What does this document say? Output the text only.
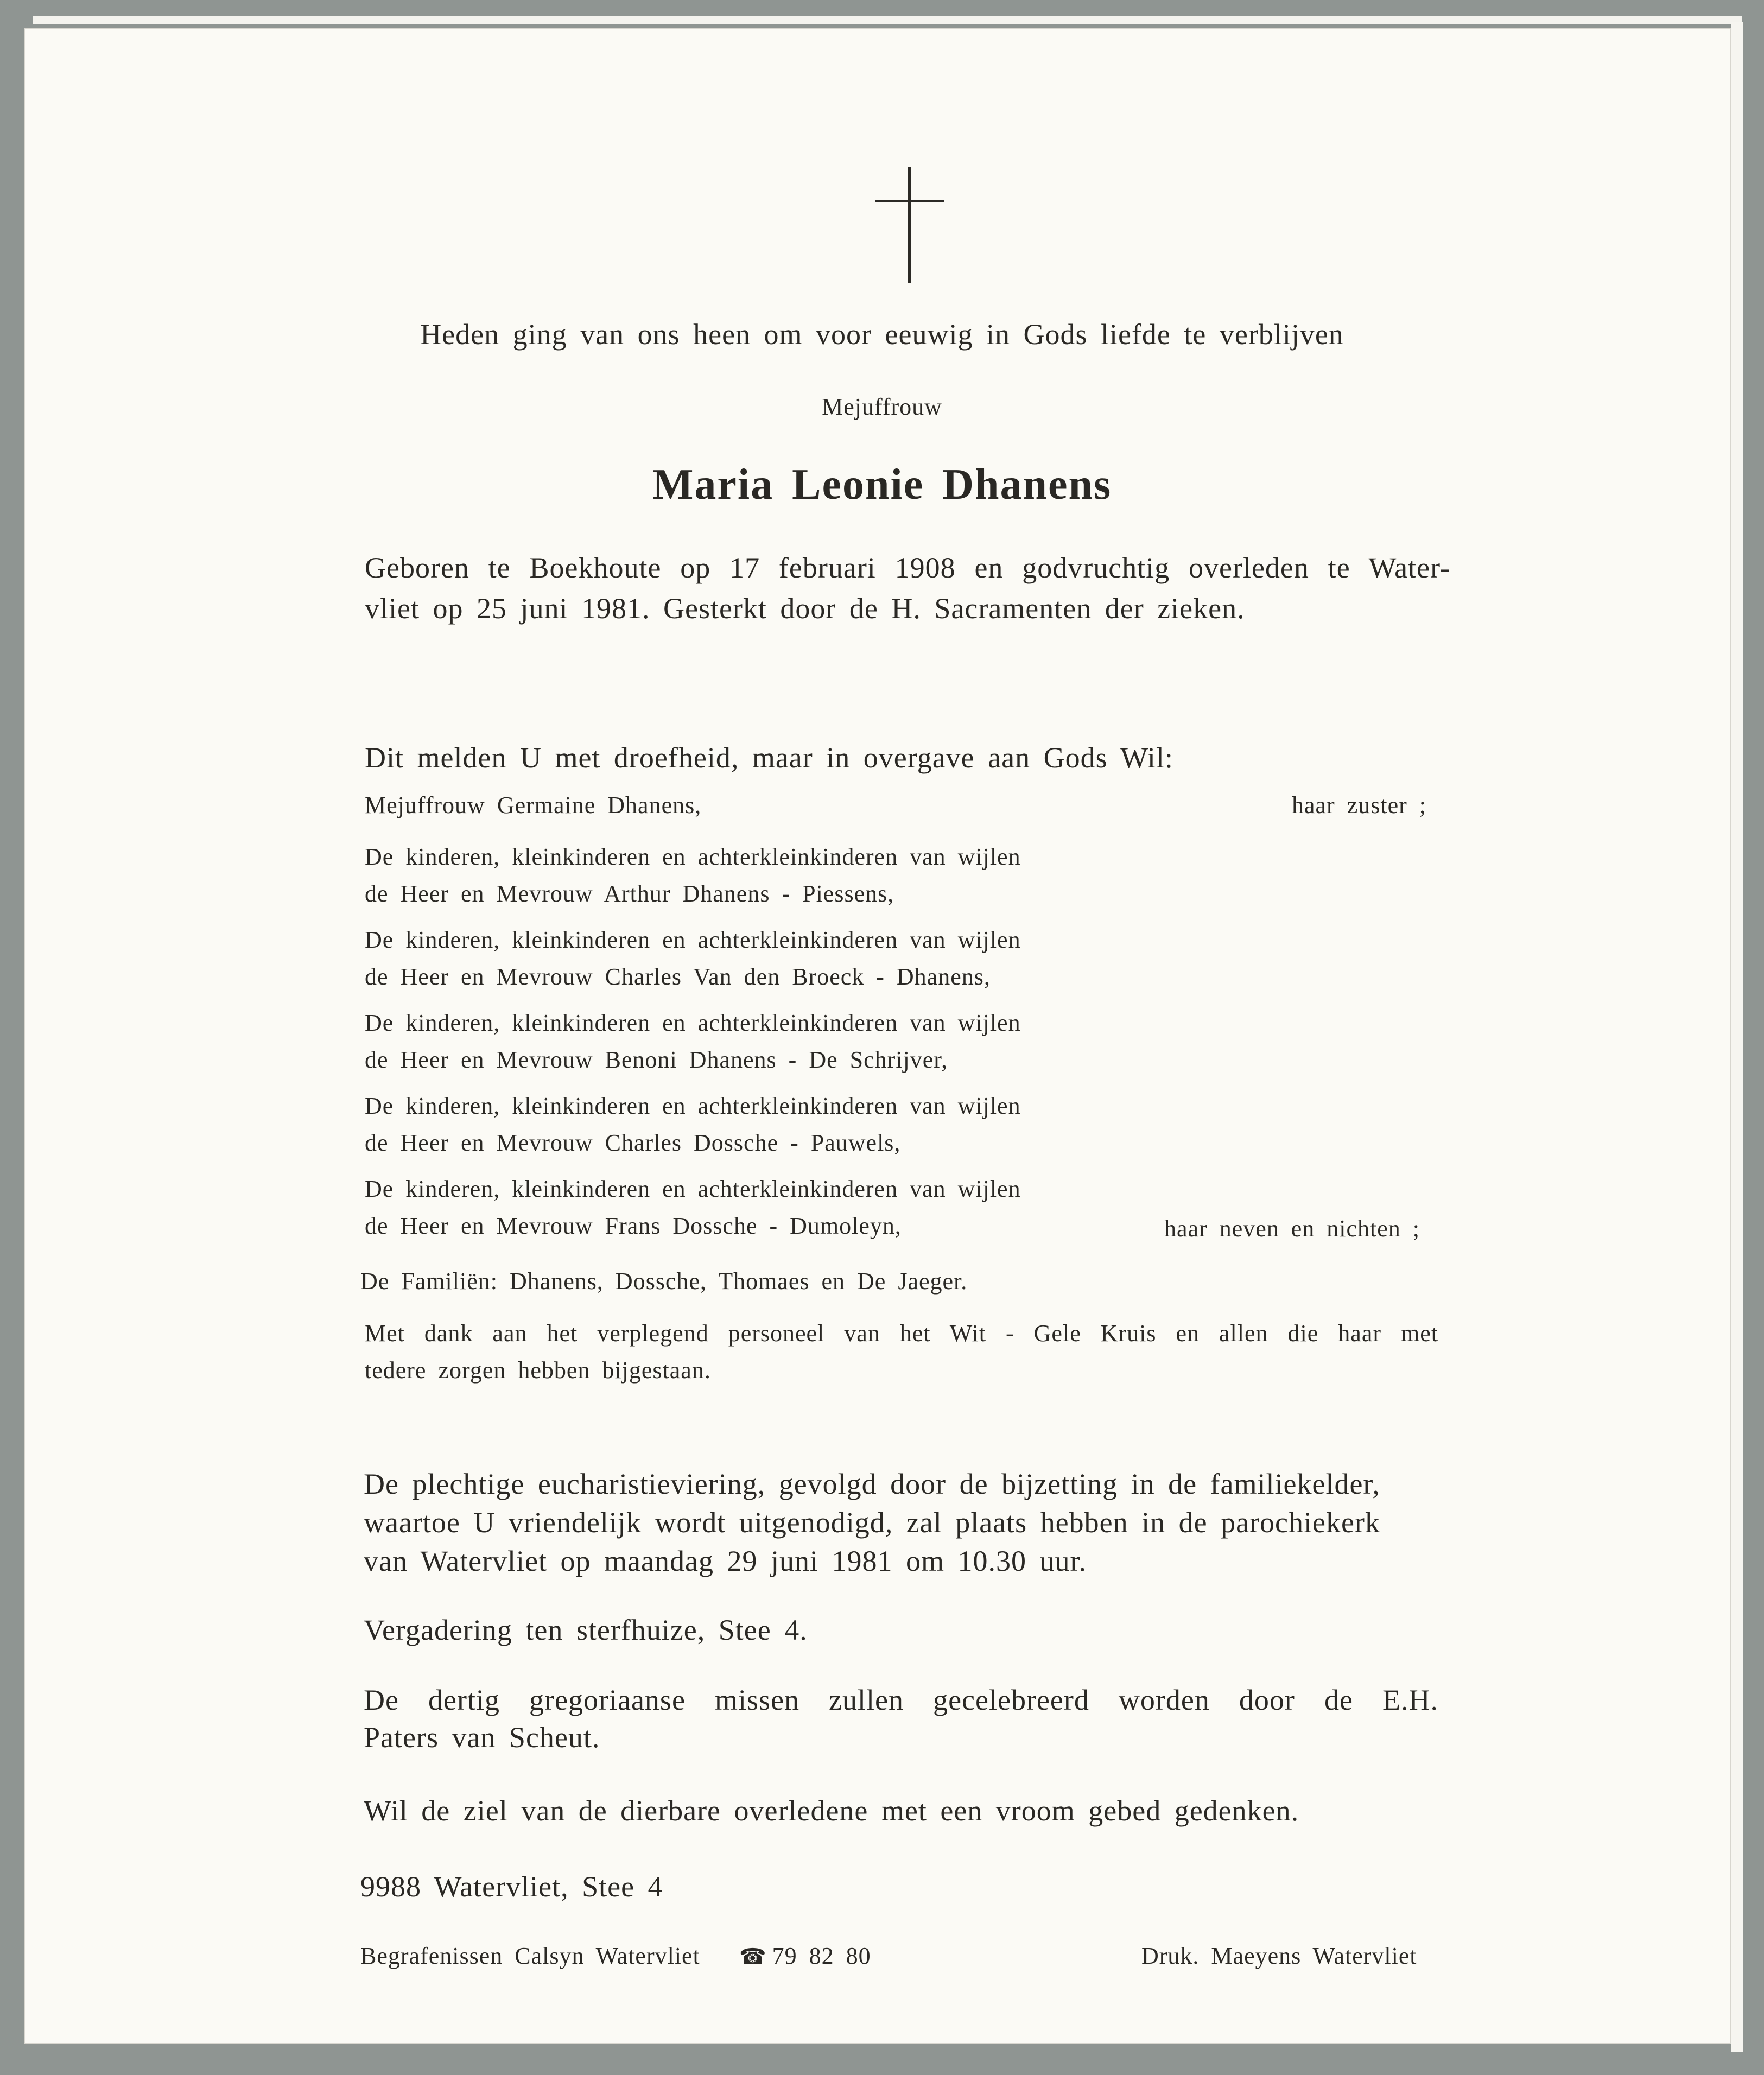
Heden ging van ons heen om voor eeuwig in Gods liefde te verblijven
Mejuffrouw
Maria Leonie Dhanens
Geboren te Boekhoute op 17 februari 1908 en godvruchtig overleden te Water-
vliet op 25 juni 1981. Gesterkt door de H. Sacramenten der zieken.
Dit melden U met droefheid, maar in overgave aan Gods Wil:
Mejuffrouw Germaine Dhanens,	haar zuster ;
De kinderen, kleinkinderen en achterkleinkinderen van wijlen
de Heer en Mevrouw Arthur Dhanens - Piessens,
De kinderen, kleinkinderen en achterkleinkinderen van wijlen
de Heer en Mevrouw Charles Van den Broeck - Dhanens,
De kinderen, kleinkinderen en achterkleinkinderen van wijlen
de Heer en Mevrouw Benoni Dhanens - De Schrijver,
De kinderen, kleinkinderen en achterkleinkinderen van wijlen
de Heer en Mevrouw Charles Dossche - Pauwels,
De kinderen, kleinkinderen en achterkleinkinderen van wijlen
de Heer en Mevrouw Frans Dossche - Dumoleyn,	haar neven en nichten ;
De Familiën: Dhanens, Dossche, Thomaes en De Jaeger.
Met dank aan het verplegend personeel van het Wit - Gele Kruis en allen die haar met
tedere zorgen hebben bijgestaan.
De plechtige eucharistieviering, gevolgd door de bijzetting in de familiekelder,
waartoe U vriendelijk wordt uitgenodigd, zal plaats hebben in de parochiekerk
van Watervliet op maandag 29 juni 1981 om 10.30 uur.
Vergadering ten sterfhuize, Stee 4.
De dertig gregoriaanse missen zullen gecelebreerd worden door de E.H.
Paters van Scheut.
Wil de ziel van de dierbare overledene met een vroom gebed gedenken.
9988 Watervliet, Stee 4
Begrafenissen Calsyn Watervliet ☎ 79 82 80	Druk. Maeyens Watervliet
